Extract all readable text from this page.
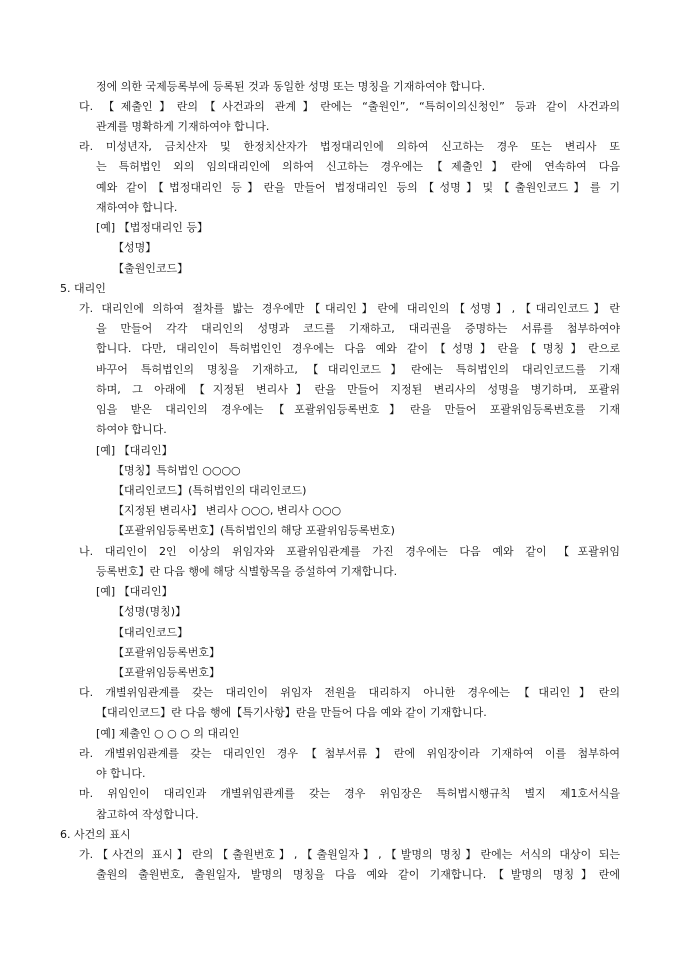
정에 의한 국제등록부에 등록된 것과 동일한 성명 또는 명칭을 기재하여야 합니다.
다. 【제출인】란의【사건과의 관계】란에는 “출원인”, “특허이의신청인” 등과 같이 사건과의
관계를 명확하게 기재하여야 합니다.
라. 미성년자, 금치산자 및 한정치산자가 법정대리인에 의하여 신고하는 경우 또는 변리사 또
는 특허법인 외의 임의대리인에 의하여 신고하는 경우에는【제출인】란에 연속하여 다음
예와 같이【법정대리인 등】란을 만들어 법정대리인 등의【성명】및【출원인코드】를 기
재하여야 합니다.
[예] 【법정대리인 등】
【성명】
【출원인코드】
5. 대리인
가. 대리인에 의하여 절차를 밟는 경우에만【대리인】란에 대리인의【성명】,【대리인코드】란
을 만들어 각각 대리인의 성명과 코드를 기재하고, 대리권을 증명하는 서류를 첨부하여야
합니다. 다만, 대리인이 특허법인인 경우에는 다음 예와 같이【성명】란을【명칭】란으로
바꾸어 특허법인의 명칭을 기재하고,【대리인코드】란에는 특허법인의 대리인코드를 기재
하며, 그 아래에【지정된 변리사】란을 만들어 지정된 변리사의 성명을 병기하며, 포괄위
임을 받은 대리인의 경우에는【포괄위임등록번호】란을 만들어 포괄위임등록번호를 기재
하여야 합니다.
[예] 【대리인】
【명칭】특허법인 ○○○○
【대리인코드】(특허법인의 대리인코드)
【지정된 변리사】 변리사 ○○○, 변리사 ○○○
【포괄위임등록번호】(특허법인의 해당 포괄위임등록번호)
나. 대리인이 2인 이상의 위임자와 포괄위임관계를 가진 경우에는 다음 예와 같이 【포괄위임
등록번호】란 다음 행에 해당 식별항목을 증설하여 기재합니다.
[예] 【대리인】
【성명(명칭)】
【대리인코드】
【포괄위임등록번호】
【포괄위임등록번호】
다. 개별위임관계를 갖는 대리인이 위임자 전원을 대리하지 아니한 경우에는【대리인】란의
【대리인코드】란 다음 행에【특기사항】란을 만들어 다음 예와 같이 기재합니다.
[예] 제출인 ○ ○ ○ 의 대리인
라. 개별위임관계를 갖는 대리인인 경우【첨부서류】란에 위임장이라 기재하여 이를 첨부하여
야 합니다.
마. 위임인이 대리인과 개별위임관계를 갖는 경우 위임장은 특허법시행규칙 별지 제1호서식을
참고하여 작성합니다.
6. 사건의 표시
가.【사건의 표시】란의【출원번호】,【출원일자】,【발명의 명칭】란에는 서식의 대상이 되는
출원의 출원번호, 출원일자, 발명의 명칭을 다음 예와 같이 기재합니다.【발명의 명칭】란에
